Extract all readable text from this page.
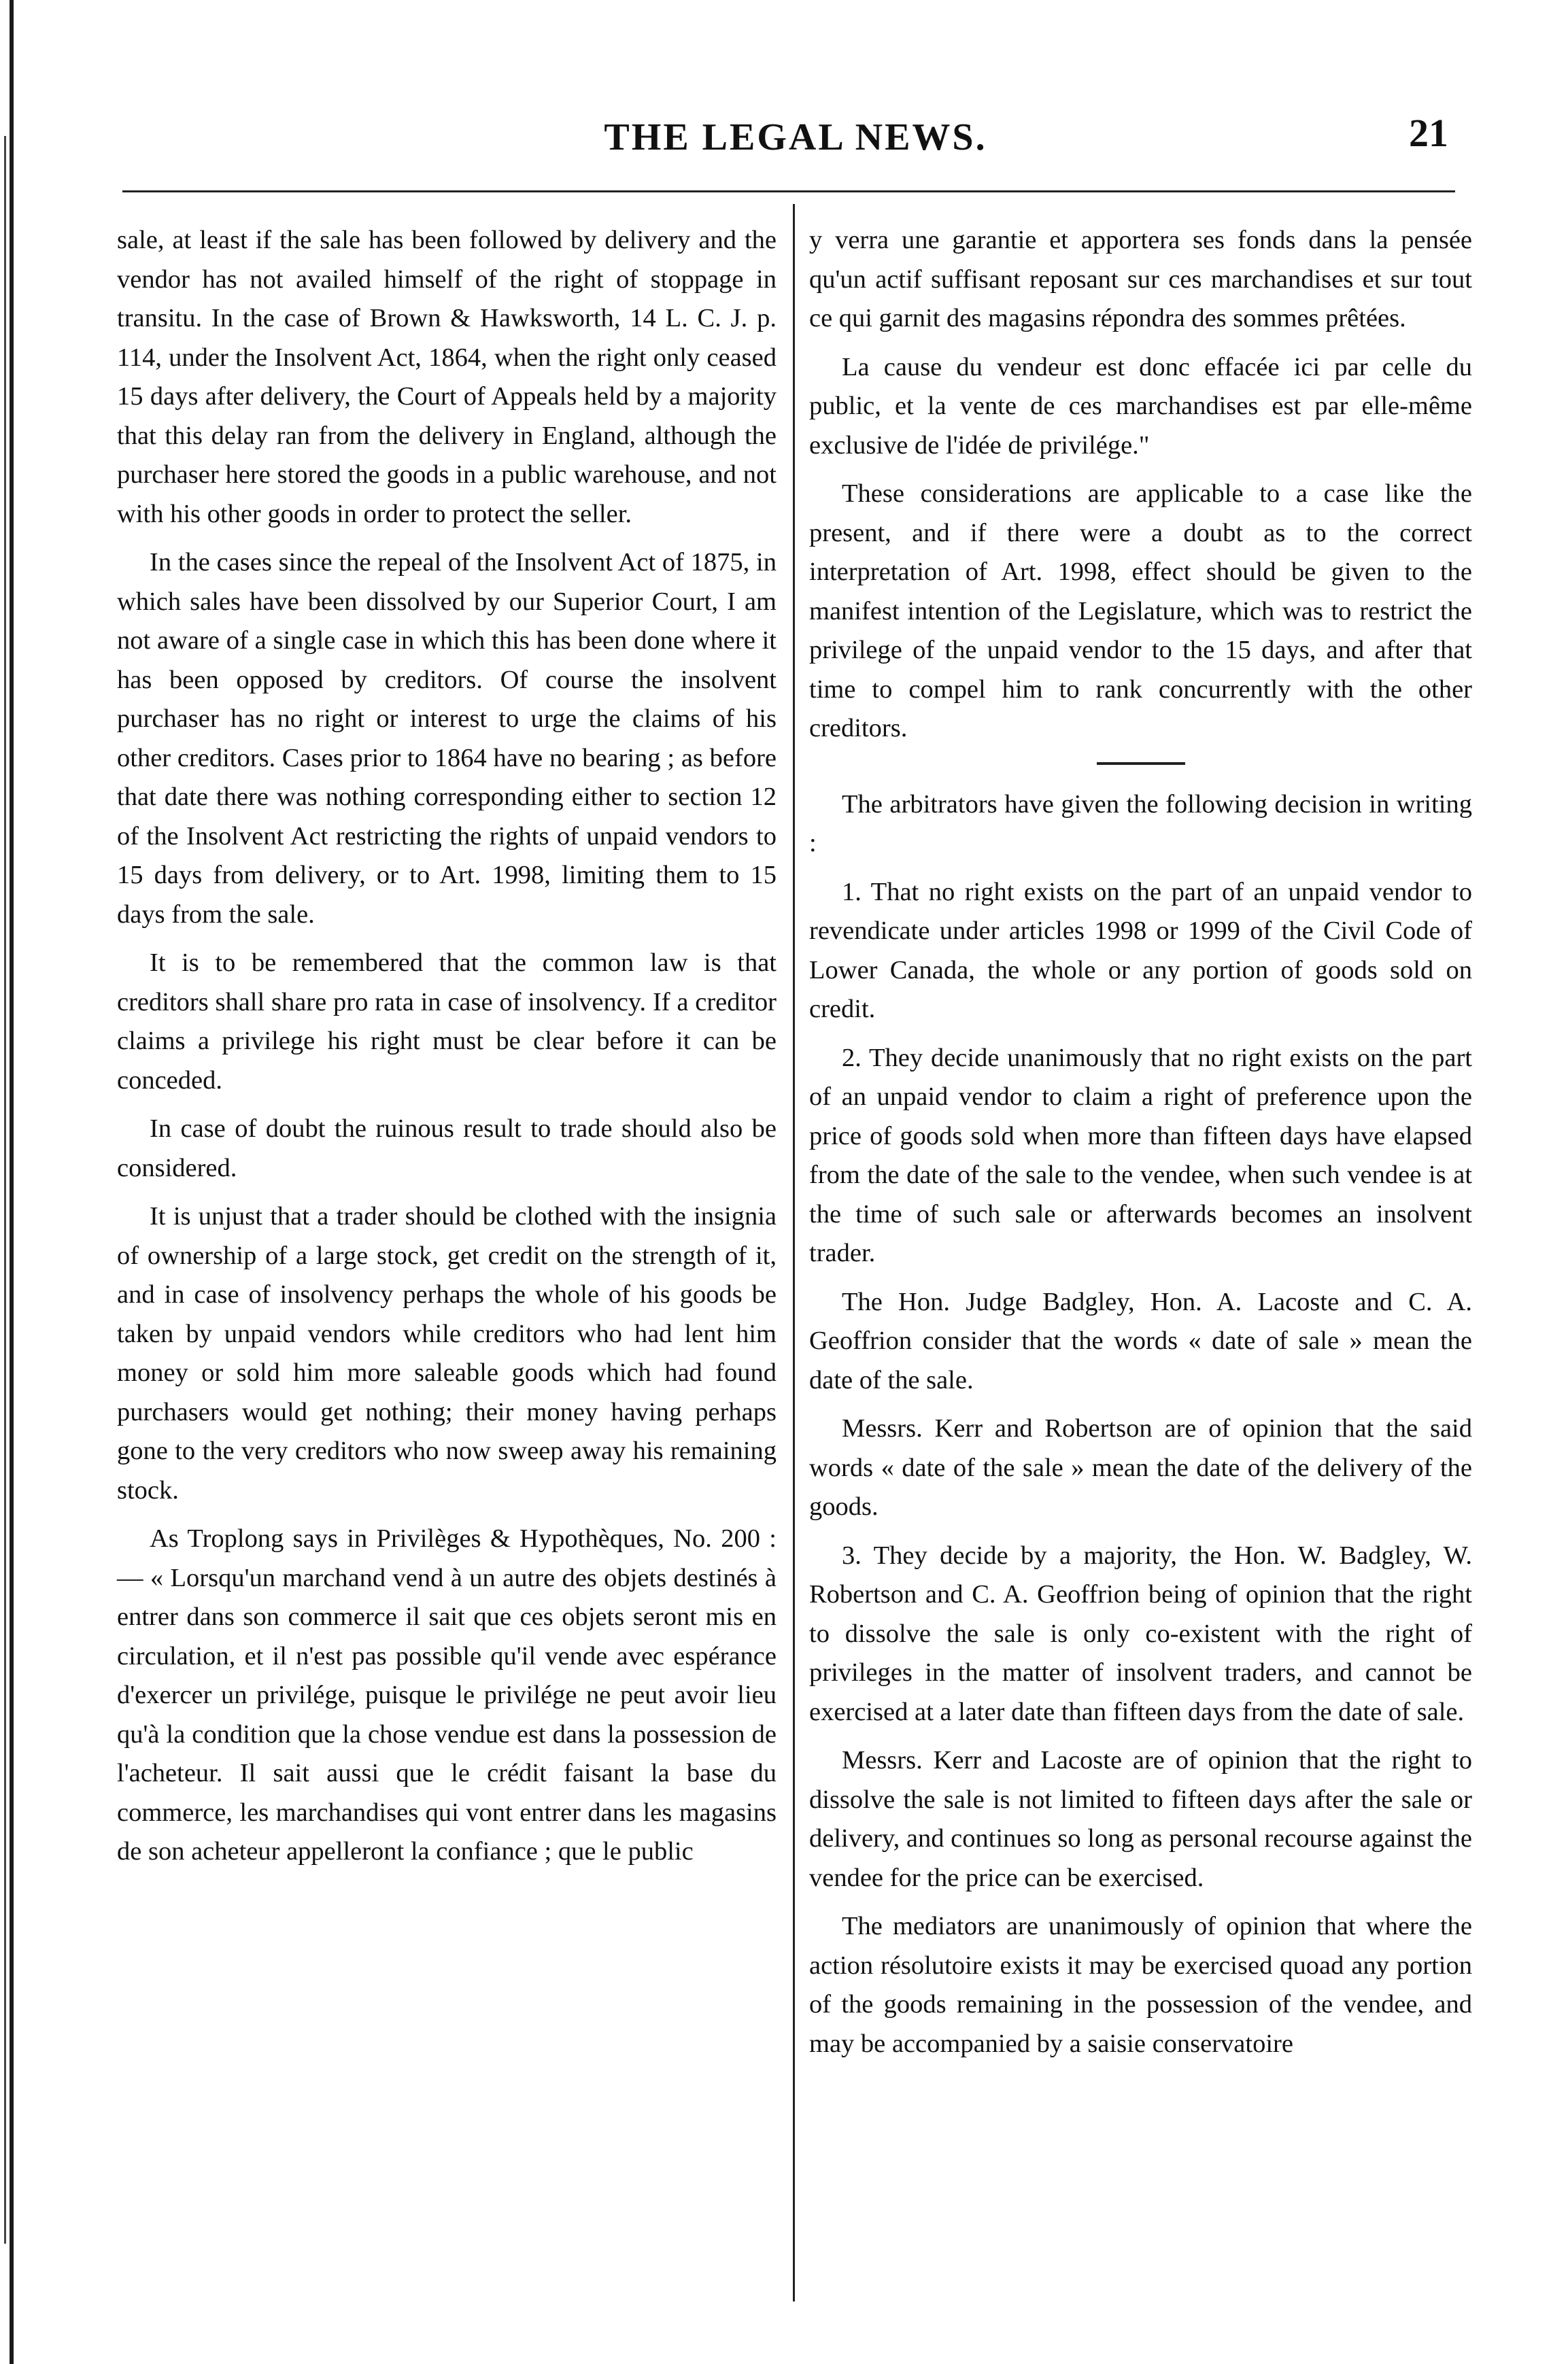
THE LEGAL NEWS.	21

sale, at least if the sale has been followed by delivery and the vendor has not availed himself of the right of stoppage in transitu. In the case of Brown & Hawksworth, 14 L. C. J. p. 114, under the Insolvent Act, 1864, when the right only ceased 15 days after delivery, the Court of Appeals held by a majority that this delay ran from the delivery in England, although the purchaser here stored the goods in a public warehouse, and not with his other goods in order to protect the seller.

In the cases since the repeal of the Insolvent Act of 1875, in which sales have been dissolved by our Superior Court, I am not aware of a single case in which this has been done where it has been opposed by creditors. Of course the insolvent purchaser has no right or interest to urge the claims of his other creditors. Cases prior to 1864 have no bearing ; as before that date there was nothing corresponding either to section 12 of the Insolvent Act restricting the rights of unpaid vendors to 15 days from delivery, or to Art. 1998, limiting them to 15 days from the sale.

It is to be remembered that the common law is that creditors shall share pro rata in case of insolvency. If a creditor claims a privilege his right must be clear before it can be conceded.

In case of doubt the ruinous result to trade should also be considered.

It is unjust that a trader should be clothed with the insignia of ownership of a large stock, get credit on the strength of it, and in case of insolvency perhaps the whole of his goods be taken by unpaid vendors while creditors who had lent him money or sold him more saleable goods which had found purchasers would get nothing; their money having perhaps gone to the very creditors who now sweep away his remaining stock.

As Troplong says in Privilèges & Hypothèques, No. 200 :— « Lorsqu'un marchand vend à un autre des objets destinés à entrer dans son commerce il sait que ces objets seront mis en circulation, et il n'est pas possible qu'il vende avec espérance d'exercer un privilége, puisque le privilége ne peut avoir lieu qu'à la condition que la chose vendue est dans la possession de l'acheteur. Il sait aussi que le crédit faisant la base du commerce, les marchandises qui vont entrer dans les magasins de son acheteur appelleront la confiance ; que le public

y verra une garantie et apportera ses fonds dans la pensée qu'un actif suffisant reposant sur ces marchandises et sur tout ce qui garnit des magasins répondra des sommes prêtées.

La cause du vendeur est donc effacée ici par celle du public, et la vente de ces marchandises est par elle-même exclusive de l'idée de privilége."

These considerations are applicable to a case like the present, and if there were a doubt as to the correct interpretation of Art. 1998, effect should be given to the manifest intention of the Legislature, which was to restrict the privilege of the unpaid vendor to the 15 days, and after that time to compel him to rank concurrently with the other creditors.

The arbitrators have given the following decision in writing :

1. That no right exists on the part of an unpaid vendor to revendicate under articles 1998 or 1999 of the Civil Code of Lower Canada, the whole or any portion of goods sold on credit.

2. They decide unanimously that no right exists on the part of an unpaid vendor to claim a right of preference upon the price of goods sold when more than fifteen days have elapsed from the date of the sale to the vendee, when such vendee is at the time of such sale or afterwards becomes an insolvent trader.

The Hon. Judge Badgley, Hon. A. Lacoste and C. A. Geoffrion consider that the words « date of sale » mean the date of the sale.

Messrs. Kerr and Robertson are of opinion that the said words « date of the sale » mean the date of the delivery of the goods.

3. They decide by a majority, the Hon. W. Badgley, W. Robertson and C. A. Geoffrion being of opinion that the right to dissolve the sale is only co-existent with the right of privileges in the matter of insolvent traders, and cannot be exercised at a later date than fifteen days from the date of sale.

Messrs. Kerr and Lacoste are of opinion that the right to dissolve the sale is not limited to fifteen days after the sale or delivery, and continues so long as personal recourse against the vendee for the price can be exercised.

The mediators are unanimously of opinion that where the action résolutoire exists it may be exercised quoad any portion of the goods remaining in the possession of the vendee, and may be accompanied by a saisie conservatoire
